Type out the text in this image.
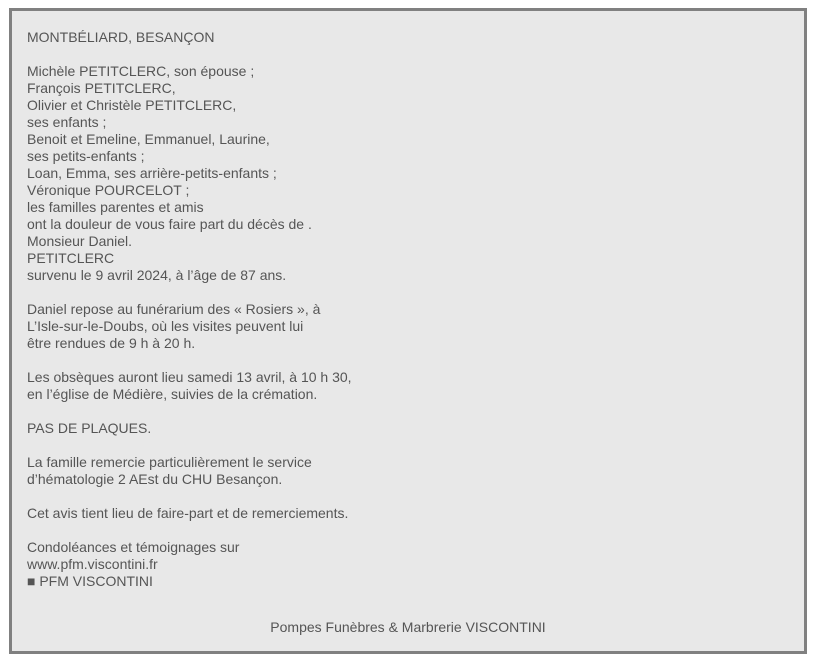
MONTBÉLIARD, BESANÇON
Michèle PETITCLERC, son épouse ;
François PETITCLERC,
Olivier et Christèle PETITCLERC,
ses enfants ;
Benoit et Emeline, Emmanuel, Laurine,
ses petits-enfants ;
Loan, Emma, ses arrière-petits-enfants ;
Véronique POURCELOT ;
les familles parentes et amis
ont la douleur de vous faire part du décès de .
Monsieur Daniel.
PETITCLERC
survenu le 9 avril 2024, à l’âge de 87 ans.
Daniel repose au funérarium des « Rosiers », à
L’Isle-sur-le-Doubs, où les visites peuvent lui
être rendues de 9 h à 20 h.
Les obsèques auront lieu samedi 13 avril, à 10 h 30,
en l’église de Médière, suivies de la crémation.
PAS DE PLAQUES.
La famille remercie particulièrement le service
d’hématologie 2 AEst du CHU Besançon.
Cet avis tient lieu de faire-part et de remerciements.
Condoléances et témoignages sur
www.pfm.viscontini.fr
■ PFM VISCONTINI
Pompes Funèbres & Marbrerie VISCONTINI
